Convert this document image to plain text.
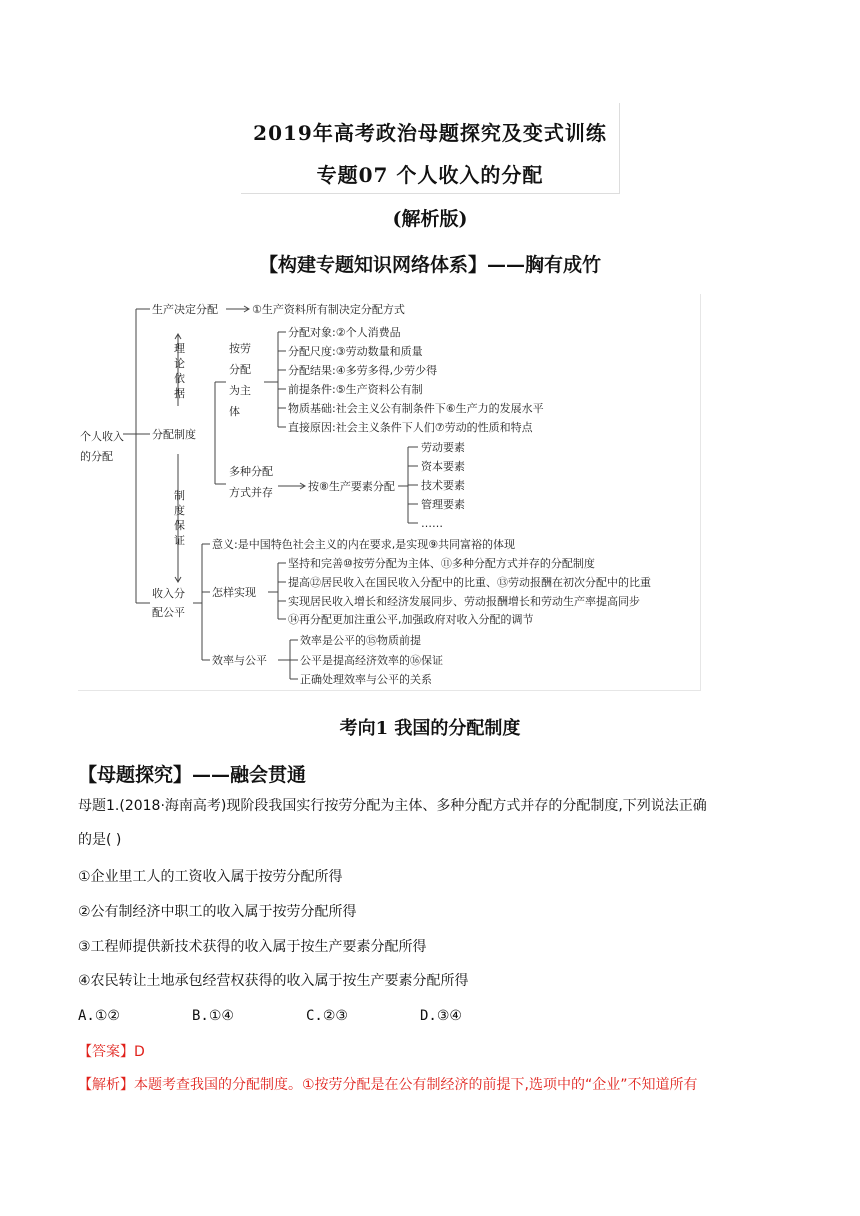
2019年高考政治母题探究及变式训练
专题07 个人收入的分配
(解析版)
【构建专题知识网络体系】——胸有成竹
个人收入
的分配
生产决定分配	①生产资料所有制决定分配方式
理
论
依
据
分配制度
制
度
保
证
按劳
分配
为主
体
分配对象:②个人消费品
分配尺度:③劳动数量和质量
分配结果:④多劳多得,少劳少得
前提条件:⑤生产资料公有制
物质基础:社会主义公有制条件下⑥生产力的发展水平
直接原因:社会主义条件下人们⑦劳动的性质和特点
多种分配
方式并存	按⑧生产要素分配
劳动要素
资本要素
技术要素
管理要素
……
收入分
配公平
意义:是中国特色社会主义的内在要求,是实现⑨共同富裕的体现
怎样实现
坚持和完善⑩按劳分配为主体、⑪多种分配方式并存的分配制度
提高⑫居民收入在国民收入分配中的比重、⑬劳动报酬在初次分配中的比重
实现居民收入增长和经济发展同步、劳动报酬增长和劳动生产率提高同步
⑭再分配更加注重公平,加强政府对收入分配的调节
效率与公平
效率是公平的⑮物质前提
公平是提高经济效率的⑯保证
正确处理效率与公平的关系
考向1 我国的分配制度
【母题探究】——融会贯通
母题1.(2018·海南高考)现阶段我国实行按劳分配为主体、多种分配方式并存的分配制度,下列说法正确
的是( )
①企业里工人的工资收入属于按劳分配所得
②公有制经济中职工的收入属于按劳分配所得
③工程师提供新技术获得的收入属于按生产要素分配所得
④农民转让土地承包经营权获得的收入属于按生产要素分配所得
A.①②	B.①④	C.②③	D.③④
【答案】D
【解析】本题考查我国的分配制度。①按劳分配是在公有制经济的前提下,选项中的“企业”不知道所有
